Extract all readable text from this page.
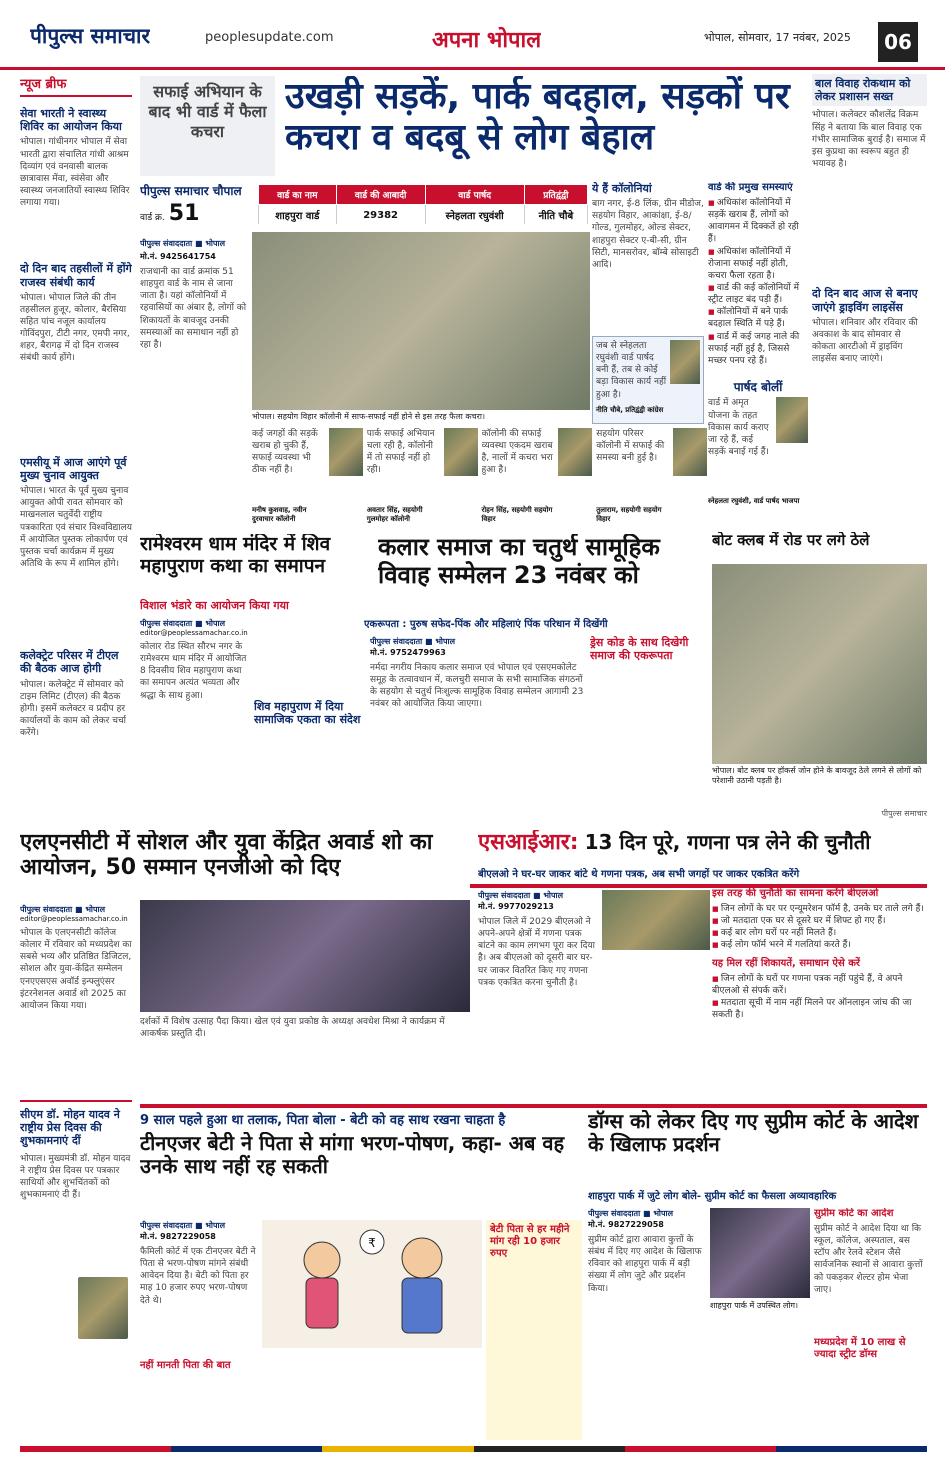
पीपुल्स समाचार	peoplesupdate.com	अपना भोपाल	भोपाल, सोमवार, 17 नवंबर, 2025	06
न्यूज ब्रीफ
सेवा भारती ने स्वास्थ्य शिविर का आयोजन किया
भोपाल। गांधीनगर भोपाल में सेवा भारती द्वारा संचालित गांधी आश्रम दिव्यांग एवं वनवासी बालक छात्रावास मेंवा, स्वंसेवा और स्वास्थ्य जनजातियों स्वास्थ्य शिविर लगाया गया।
दो दिन बाद तहसीलों में होंगे राजस्व संबंधी कार्य
भोपाल। भोपाल जिले की तीन तहसीलल हुजूर, कोलार, बैरसिया सहित पांच नजूल कार्यालय गोविंदपुरा, टीटी नगर, एमपी नगर, शहर, बैरागढ़ में दो दिन राजस्व संबंधी कार्य होंगे।
एमसीयू में आज आएंगे पूर्व मुख्य चुनाव आयुक्त
भोपाल। भारत के पूर्व मुख्य चुनाव आयुक्त ओपी रावत सोमवार को माखनलाल चतुर्वेदी राष्ट्रीय पत्रकारिता एवं संचार विश्वविद्यालय में आयोजित पुस्तक लोकार्पण एवं पुस्तक चर्चा कार्यक्रम में मुख्य अतिथि के रूप में शामिल होंगे।
कलेक्ट्रेट परिसर में टीएल की बैठक आज होगी
भोपाल। कलेक्ट्रेट में सोमवार को टाइम लिमिट (टीएल) की बैठक होगी। इसमें कलेक्टर व प्रदीप हर कार्यालयों के काम को लेकर चर्चा करेंगे।
सीएम डॉ. मोहन यादव ने राष्ट्रीय प्रेस दिवस की शुभकामनाएं दीं
भोपाल। मुख्यमंत्री डॉ. मोहन यादव ने राष्ट्रीय प्रेस दिवस पर पत्रकार साथियों और शुभचिंतकों को शुभकामनाएं दी हैं।
सफाई अभियान के बाद भी वार्ड में फैला कचरा
उखड़ी सड़कें, पार्क बदहाल, सड़कों पर कचरा व बदबू से लोग बेहाल
पीपुल्स समाचार चौपाल
वार्ड क्र. 51
वार्ड का नाम	वार्ड की आबादी	वार्ड पार्षद	प्रतिद्वंद्वी
शाहपुरा वार्ड	29382	स्नेहलता रघुवंशी	नीति चौबे
पीपुल्स संवाददाता ■ भोपाल
मो.नं. 9425641754
राजधानी का वार्ड क्रमांक 51 शाहपुरा वार्ड के नाम से जाना जाता है। यहां कॉलोनियों में रहवासियों का अंबार है, लोगों को शिकायतों के बावजूद उनकी समस्याओं का समाधान नहीं हो रहा है।
भोपाल। सहयोग विहार कॉलोनी में साफ-सफाई नहीं होने से इस तरह फैला कचरा।
कई जगहों की सड़कें खराब हो चुकी हैं, सफाई व्यवस्था भी ठीक नहीं है।
मनीष कुशवाह, नवीन दुरवाचार कॉलोनी
पार्क सफाई अभियान चला रही है, कॉलोनी में तो सफाई नहीं हो रही।
अवतार सिंह, सहयोगी गुलमोहर कॉलोनी
कॉलोनी की सफाई व्यवस्था एकदम खराब है, नालों में कचरा भरा हुआ है।
रोहन सिंह, सहयोगी सहयोग विहार
सहयोग परिसर कॉलोनी में सफाई की समस्या बनी हुई है।
तुलाराम, सहयोगी सहयोग विहार
ये हैं कॉलोनियां
बाग नगर, ई-8 लिंक, ग्रीन मीडोज, सहयोग विहार, आकांक्षा, ई-8/गोल्ड, गुलमोहर, ओल्ड सेक्टर, शाहपुरा सेक्टर ए-बी-सी, ग्रीन सिटी, मानसरोवर, बॉम्बे सोसाइटी आदि।
जब से स्नेहलता रघुवंशी वार्ड पार्षद बनी हैं, तब से कोई बड़ा विकास कार्य नहीं हुआ है।
नीति चौबे, प्रतिद्वंद्वी कांग्रेस
वार्ड की प्रमुख समस्याएं
■ अधिकांश कॉलोनियों में सड़कें खराब हैं, लोगों को आवागमन में दिक्कतें हो रही हैं।
■ अधिकांश कॉलोनियों में रोजाना सफाई नहीं होती, कचरा फैला रहता है।
■ वार्ड की कई कॉलोनियों में स्ट्रीट लाइट बंद पड़ी हैं।
■ कॉलोनियों में बने पार्क बदहाल स्थिति में पड़े हैं।
■ वार्ड में कई जगह नाले की सफाई नहीं हुई है, जिससे मच्छर पनप रहे हैं।
पार्षद बोलीं
वार्ड में अमृत योजना के तहत विकास कार्य कराए जा रहे हैं, कई सड़कें बनाई गई हैं।
स्नेहलता रघुवंशी, वार्ड पार्षद भाजपा
बाल विवाह रोकथाम को लेकर प्रशासन सख्त
भोपाल। कलेक्टर कौशलेंद्र विक्रम सिंह ने बताया कि बाल विवाह एक गंभीर सामाजिक बुराई है। समाज में इस कुप्रथा का स्वरूप बहुत ही भयावह है।
दो दिन बाद आज से बनाए जाएंगे ड्राइविंग लाइसेंस
भोपाल। शनिवार और रविवार की अवकाश के बाद सोमवार से कोकता आरटीओ में ड्राइविंग लाइसेंस बनाए जाएंगे।
रामेश्वरम धाम मंदिर में शिव महापुराण कथा का समापन
विशाल भंडारे का आयोजन किया गया
पीपुल्स संवाददाता ■ भोपाल
editor@peoplessamachar.co.in
कोलार रोड स्थित सौरभ नगर के रामेश्वरम धाम मंदिर में आयोजित 8 दिवसीय शिव महापुराण कथा का समापन अत्यंत भव्यता और श्रद्धा के साथ हुआ।
शिव महापुराण में दिया सामाजिक एकता का संदेश
कलार समाज का चतुर्थ सामूहिक विवाह सम्मेलन 23 नवंबर को
एकरूपता : पुरुष सफेद-पिंक और महिलाएं पिंक परिधान में दिखेंगी
पीपुल्स संवाददाता ■ भोपाल
मो.नं. 9752479963
नर्मदा नगरीय निकाय कलार समाज एवं भोपाल एवं एसएमकोलेट समूह के तत्वावधान में, कलचुरी समाज के सभी सामाजिक संगठनों के सहयोग से चतुर्थ निःशुल्क सामूहिक विवाह सम्मेलन आगामी 23 नवंबर को आयोजित किया जाएगा।
ड्रेस कोड के साथ दिखेगी समाज की एकरूपता
बोट क्लब में रोड पर लगे ठेले
भोपाल। बोट क्लब पर हॉकर्स जोन होने के बावजूद ठेले लगने से लोगों को परेशानी उठानी पड़ती है।
पीपुल्स समाचार
एलएनसीटी में सोशल और युवा केंद्रित अवार्ड शो का आयोजन, 50 सम्मान एनजीओ को दिए
पीपुल्स संवाददाता ■ भोपाल
editor@peoplessamachar.co.in
भोपाल के एलएनसीटी कॉलेज कोलार में रविवार को मध्यप्रदेश का सबसे भव्य और प्रतिष्ठित डिजिटल, सोशल और युवा-केंद्रित सम्मेलन एनएएसएस अवॉर्ड इन्फ्लुएंसर इंटरनेशनल अवार्ड शो 2025 का आयोजन किया गया।
दर्शकों में विशेष उत्साह पैदा किया। खेल एवं युवा प्रकोष्ठ के अध्यक्ष अवधेश मिश्रा ने कार्यक्रम में आकर्षक प्रस्तुति दी।
एसआईआर: 13 दिन पूरे, गणना पत्र लेने की चुनौती
बीएलओ ने घर-घर जाकर बांटे थे गणना पत्रक, अब सभी जगहों पर जाकर एकत्रित करेंगे
पीपुल्स संवाददाता ■ भोपाल
मो.नं. 9977029213
भोपाल जिले में 2029 बीएलओ ने अपने-अपने क्षेत्रों में गणना पत्रक बांटने का काम लगभग पूरा कर दिया है। अब बीएलओ को दूसरी बार घर-घर जाकर वितरित किए गए गणना पत्रक एकत्रित करना चुनौती है।
इस तरह की चुनौती का सामना करेंगे बीएलओ
■ जिन लोगों के घर पर एन्यूमरेशन फॉर्म है, उनके घर ताले लगे हैं।
■ जो मतदाता एक घर से दूसरे घर में शिफ्ट हो गए हैं।
■ कई बार लोग घरों पर नहीं मिलते हैं।
■ कई लोग फॉर्म भरने में गलतियां करते हैं।
यह मिल रहीं शिकायतें, समाधान ऐसे करें
■ जिन लोगों के घरों पर गणना पत्रक नहीं पहुंचे हैं, वे अपने बीएलओ से संपर्क करें।
■ मतदाता सूची में नाम नहीं मिलने पर ऑनलाइन जांच की जा सकती है।
9 साल पहले हुआ था तलाक, पिता बोला - बेटी को वह साथ रखना चाहता है
टीनएजर बेटी ने पिता से मांगा भरण-पोषण, कहा- अब वह उनके साथ नहीं रह सकती
पीपुल्स संवाददाता ■ भोपाल
मो.नं. 9827229058
फैमिली कोर्ट में एक टीनएजर बेटी ने पिता से भरण-पोषण मांगने संबंधी आवेदन दिया है। बेटी को पिता हर माह 10 हजार रुपए भरण-पोषण देते थे।
नहीं मानती पिता की बात
₹
बेटी पिता से हर महीने मांग रही 10 हजार रुपए
डॉग्स को लेकर दिए गए सुप्रीम कोर्ट के आदेश के खिलाफ प्रदर्शन
शाहपुरा पार्क में जुटे लोग बोले- सुप्रीम कोर्ट का फैसला अव्यावहारिक
पीपुल्स संवाददाता ■ भोपाल
मो.नं. 9827229058
सुप्रीम कोर्ट द्वारा आवारा कुत्तों के संबंध में दिए गए आदेश के खिलाफ रविवार को शाहपुरा पार्क में बड़ी संख्या में लोग जुटे और प्रदर्शन किया।
शाहपुरा पार्क में उपस्थित लोग।
सुप्रीम कोर्ट का आदेश
सुप्रीम कोर्ट ने आदेश दिया था कि स्कूल, कॉलेज, अस्पताल, बस स्टॉप और रेलवे स्टेशन जैसे सार्वजनिक स्थानों से आवारा कुत्तों को पकड़कर शेल्टर होम भेजा जाए।
मध्यप्रदेश में 10 लाख से ज्यादा स्ट्रीट डॉग्स
